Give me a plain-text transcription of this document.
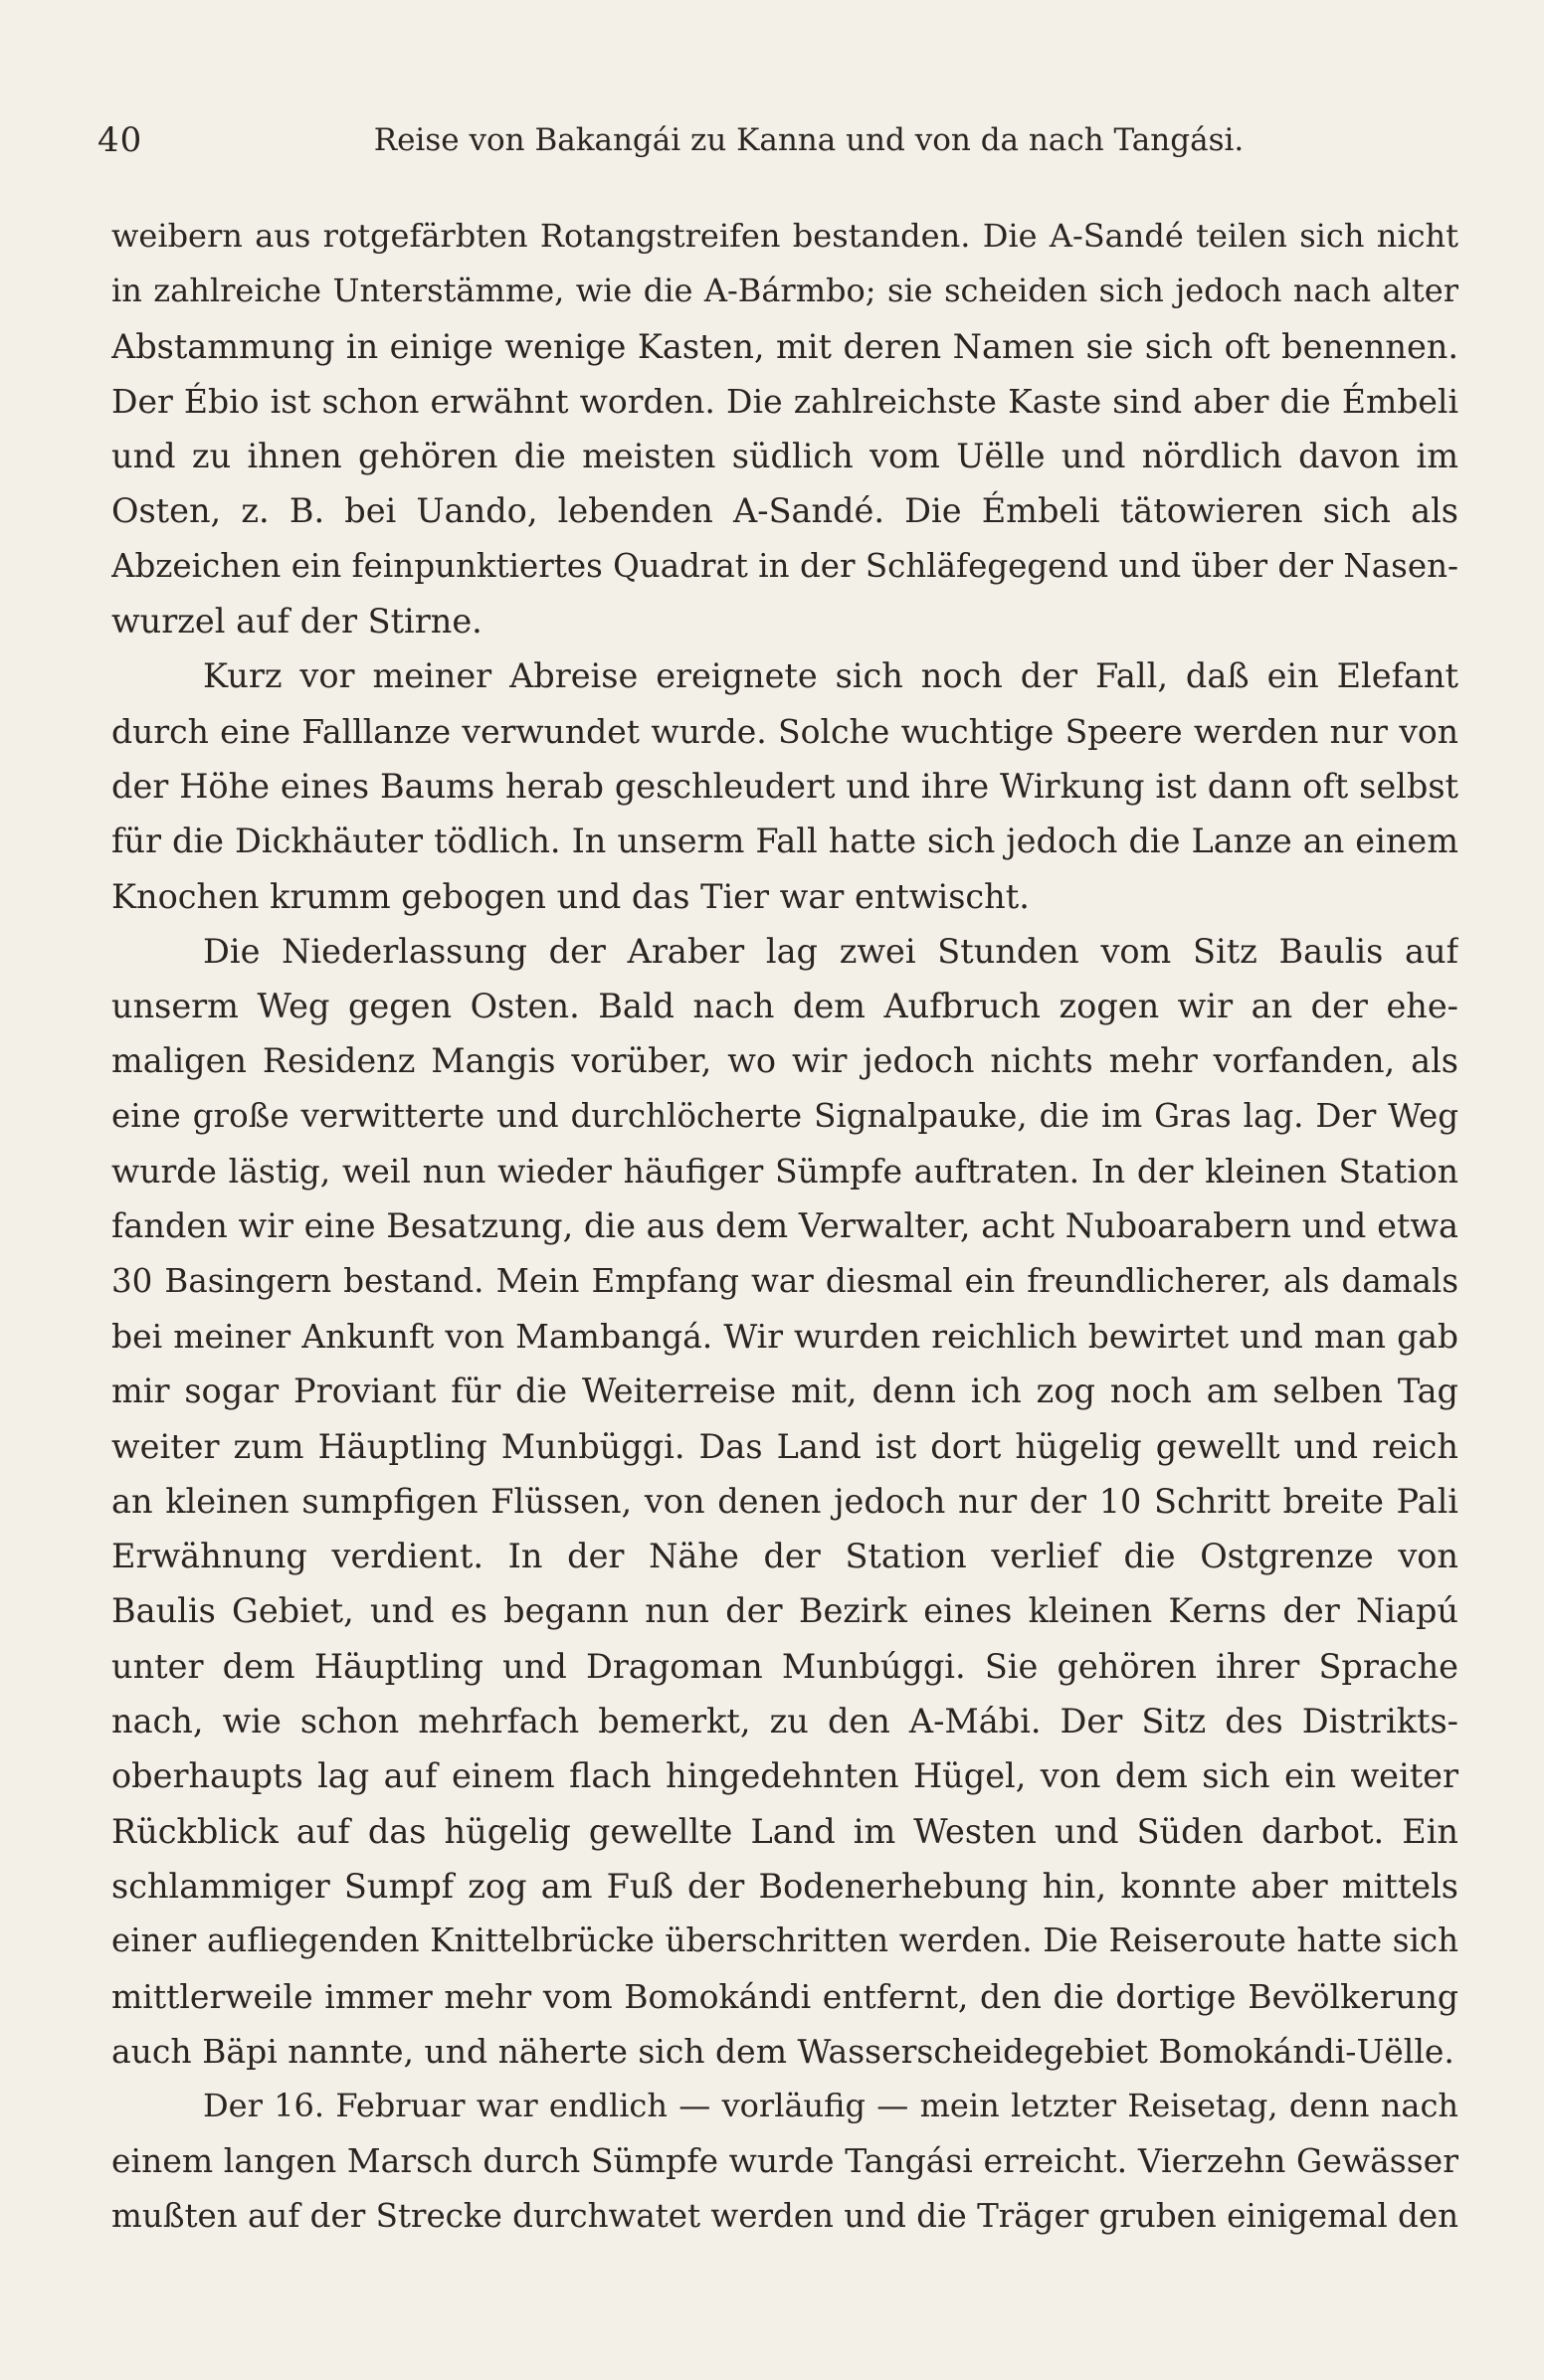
40	Reise von Bakangái zu Kanna und von da nach Tangási.
weibern aus rotgefärbten Rotangstreifen bestanden. Die A-Sandé teilen sich nicht
in zahlreiche Unterstämme, wie die A-Bármbo; sie scheiden sich jedoch nach alter
Abstammung in einige wenige Kasten, mit deren Namen sie sich oft benennen.
Der Ébio ist schon erwähnt worden. Die zahlreichste Kaste sind aber die Émbeli
und zu ihnen gehören die meisten südlich vom Uëlle und nördlich davon im
Osten, z. B. bei Uando, lebenden A-Sandé. Die Émbeli tätowieren sich als
Abzeichen ein feinpunktiertes Quadrat in der Schläfegegend und über der Nasen-
wurzel auf der Stirne.
Kurz vor meiner Abreise ereignete sich noch der Fall, daß ein Elefant
durch eine Falllanze verwundet wurde. Solche wuchtige Speere werden nur von
der Höhe eines Baums herab geschleudert und ihre Wirkung ist dann oft selbst
für die Dickhäuter tödlich. In unserm Fall hatte sich jedoch die Lanze an einem
Knochen krumm gebogen und das Tier war entwischt.
Die Niederlassung der Araber lag zwei Stunden vom Sitz Baulis auf
unserm Weg gegen Osten. Bald nach dem Aufbruch zogen wir an der ehe-
maligen Residenz Mangis vorüber, wo wir jedoch nichts mehr vorfanden, als
eine große verwitterte und durchlöcherte Signalpauke, die im Gras lag. Der Weg
wurde lästig, weil nun wieder häufiger Sümpfe auftraten. In der kleinen Station
fanden wir eine Besatzung, die aus dem Verwalter, acht Nuboarabern und etwa
30 Basingern bestand. Mein Empfang war diesmal ein freundlicherer, als damals
bei meiner Ankunft von Mambangá. Wir wurden reichlich bewirtet und man gab
mir sogar Proviant für die Weiterreise mit, denn ich zog noch am selben Tag
weiter zum Häuptling Munbüggi. Das Land ist dort hügelig gewellt und reich
an kleinen sumpfigen Flüssen, von denen jedoch nur der 10 Schritt breite Pali
Erwähnung verdient. In der Nähe der Station verlief die Ostgrenze von
Baulis Gebiet, und es begann nun der Bezirk eines kleinen Kerns der Niapú
unter dem Häuptling und Dragoman Munbúggi. Sie gehören ihrer Sprache
nach, wie schon mehrfach bemerkt, zu den A-Mábi. Der Sitz des Distrikts-
oberhaupts lag auf einem flach hingedehnten Hügel, von dem sich ein weiter
Rückblick auf das hügelig gewellte Land im Westen und Süden darbot. Ein
schlammiger Sumpf zog am Fuß der Bodenerhebung hin, konnte aber mittels
einer aufliegenden Knittelbrücke überschritten werden. Die Reiseroute hatte sich
mittlerweile immer mehr vom Bomokándi entfernt, den die dortige Bevölkerung
auch Bäpi nannte, und näherte sich dem Wasserscheidegebiet Bomokándi-Uëlle.
Der 16. Februar war endlich — vorläufig — mein letzter Reisetag, denn nach
einem langen Marsch durch Sümpfe wurde Tangási erreicht. Vierzehn Gewässer
mußten auf der Strecke durchwatet werden und die Träger gruben einigemal den
